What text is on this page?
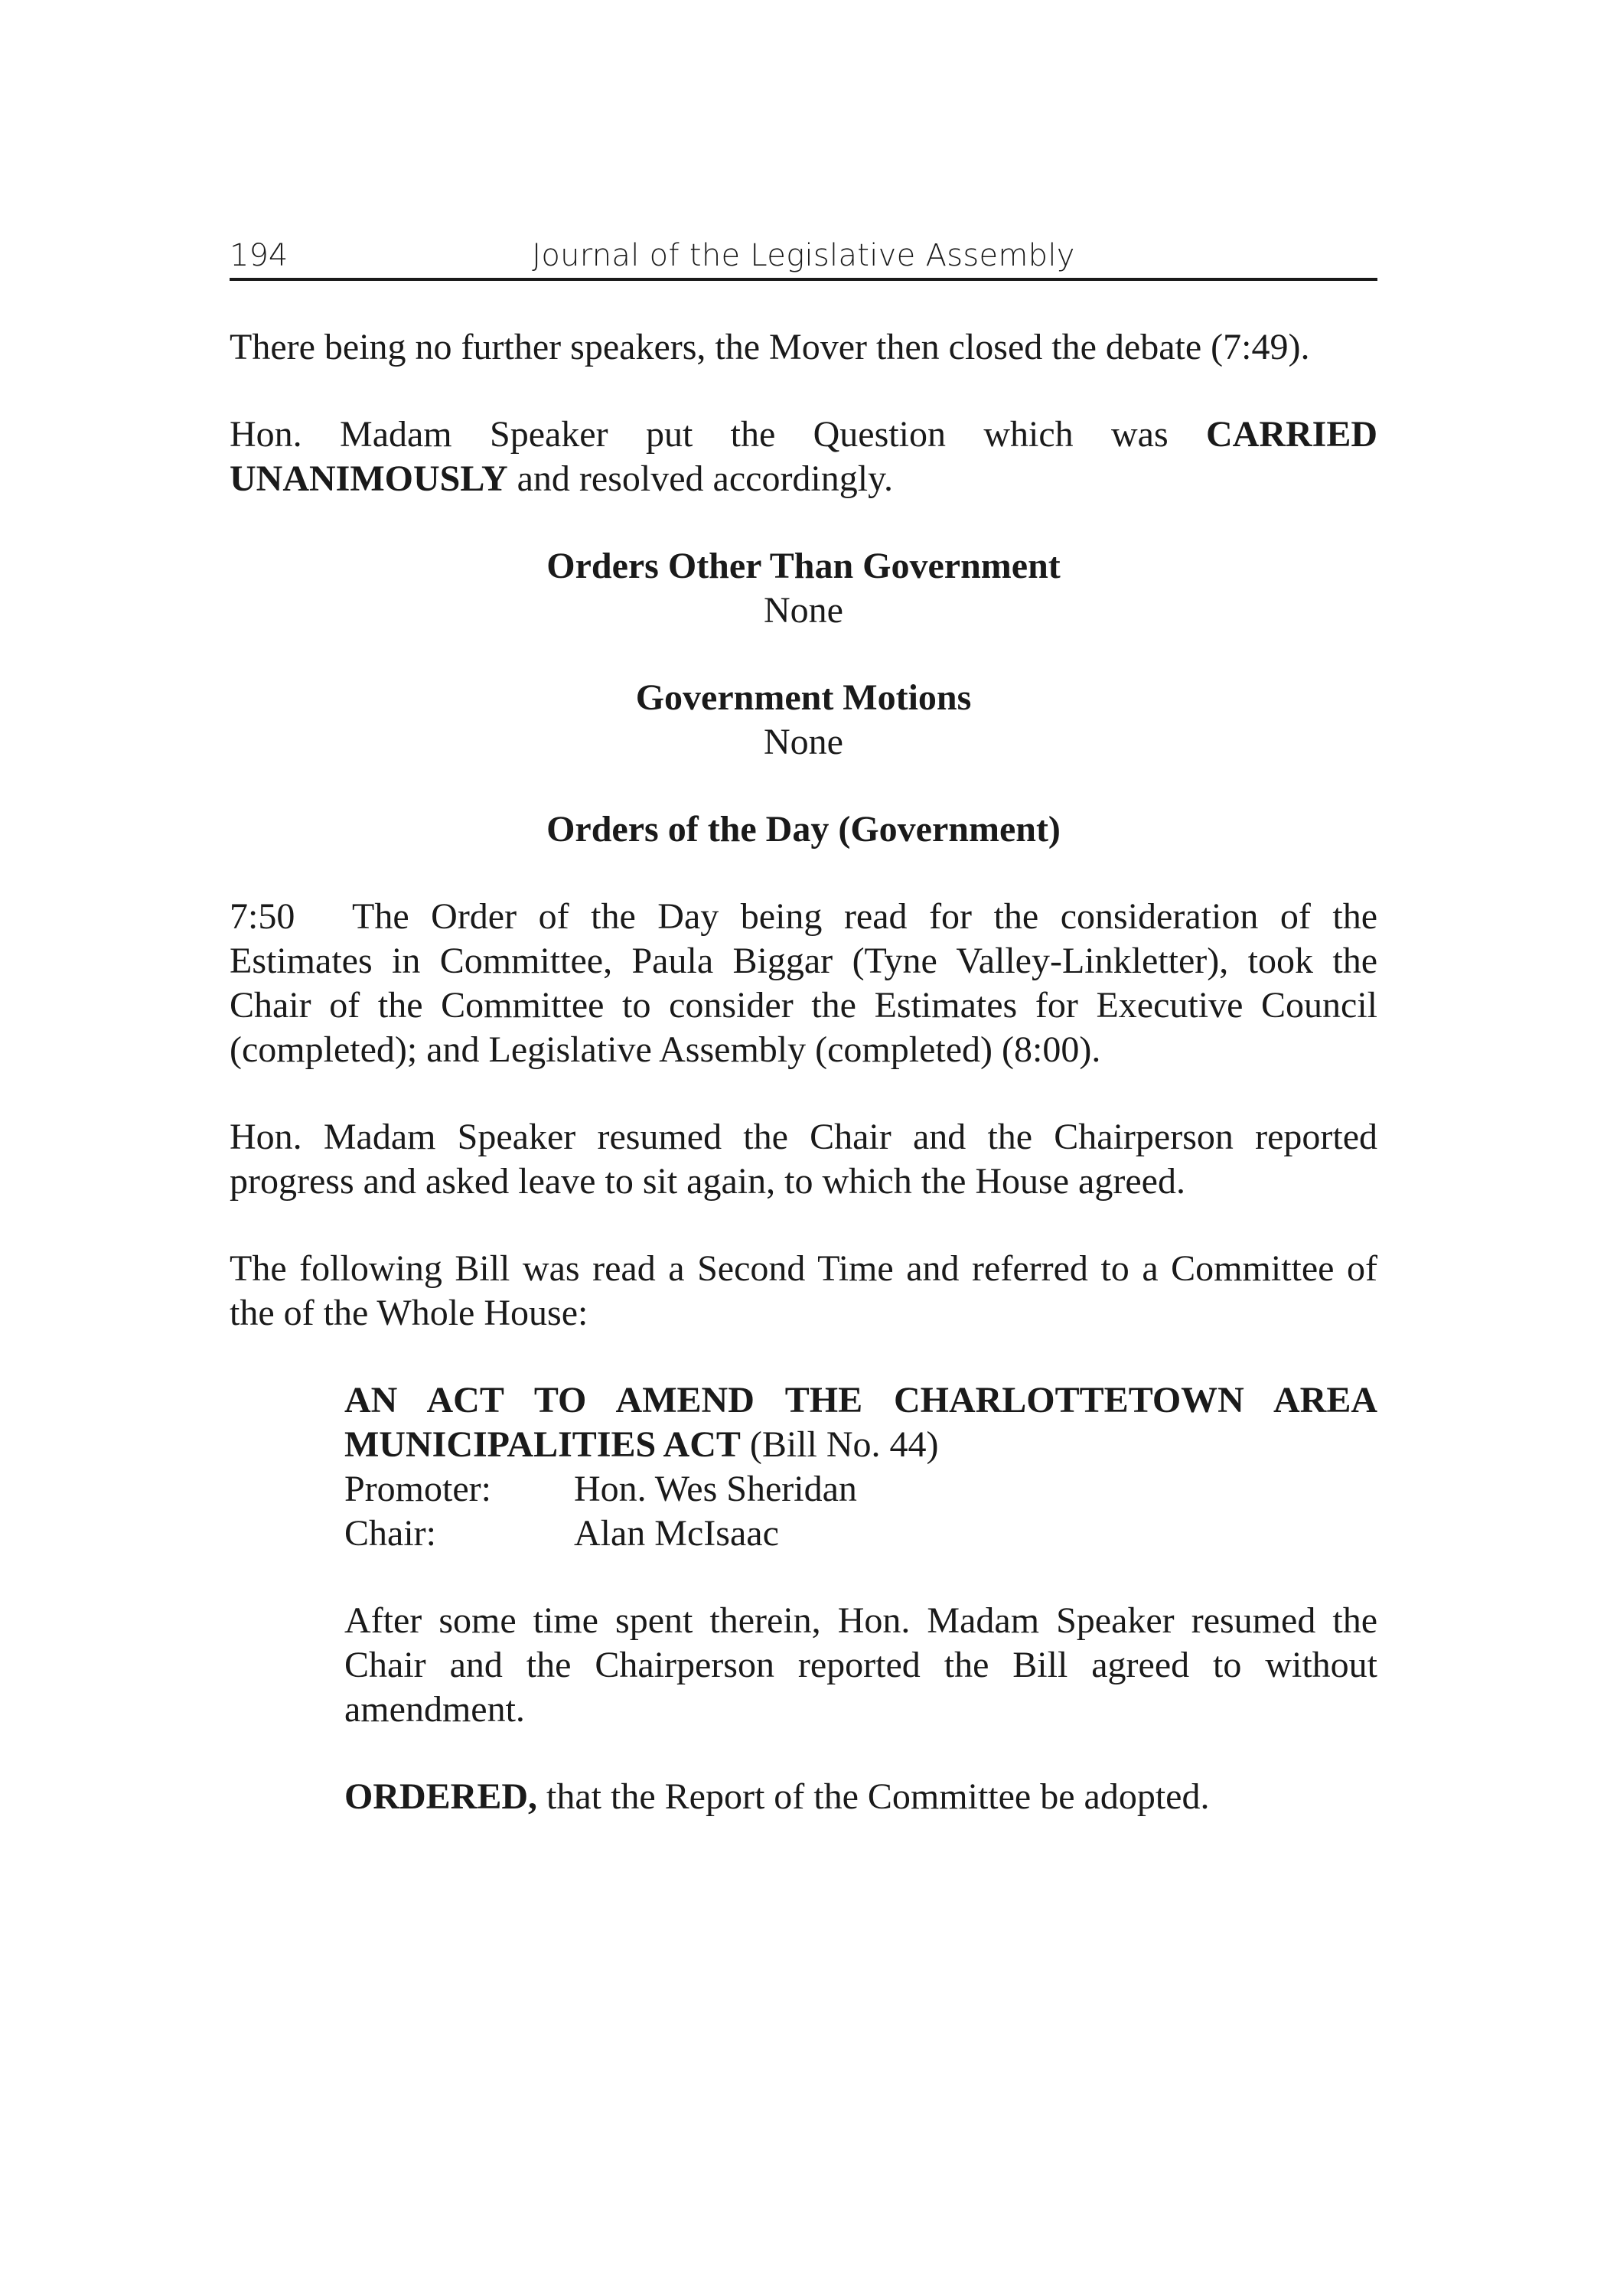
194	Journal of the Legislative Assembly

There being no further speakers, the Mover then closed the debate (7:49).

Hon. Madam Speaker put the Question which was CARRIED UNANIMOUSLY and resolved accordingly.

Orders Other Than Government
None
Government Motions
None
Orders of the Day (Government)

7:50 The Order of the Day being read for the consideration of the Estimates in Committee, Paula Biggar (Tyne Valley-Linkletter), took the Chair of the Committee to consider the Estimates for Executive Council (completed); and Legislative Assembly (completed) (8:00).

Hon. Madam Speaker resumed the Chair and the Chairperson reported progress and asked leave to sit again, to which the House agreed.

The following Bill was read a Second Time and referred to a Committee of the of the Whole House:

AN ACT TO AMEND THE CHARLOTTETOWN AREA MUNICIPALITIES ACT (Bill No. 44)
Promoter:	Hon. Wes Sheridan
Chair:	Alan McIsaac

After some time spent therein, Hon. Madam Speaker resumed the Chair and the Chairperson reported the Bill agreed to without amendment.

ORDERED, that the Report of the Committee be adopted.
